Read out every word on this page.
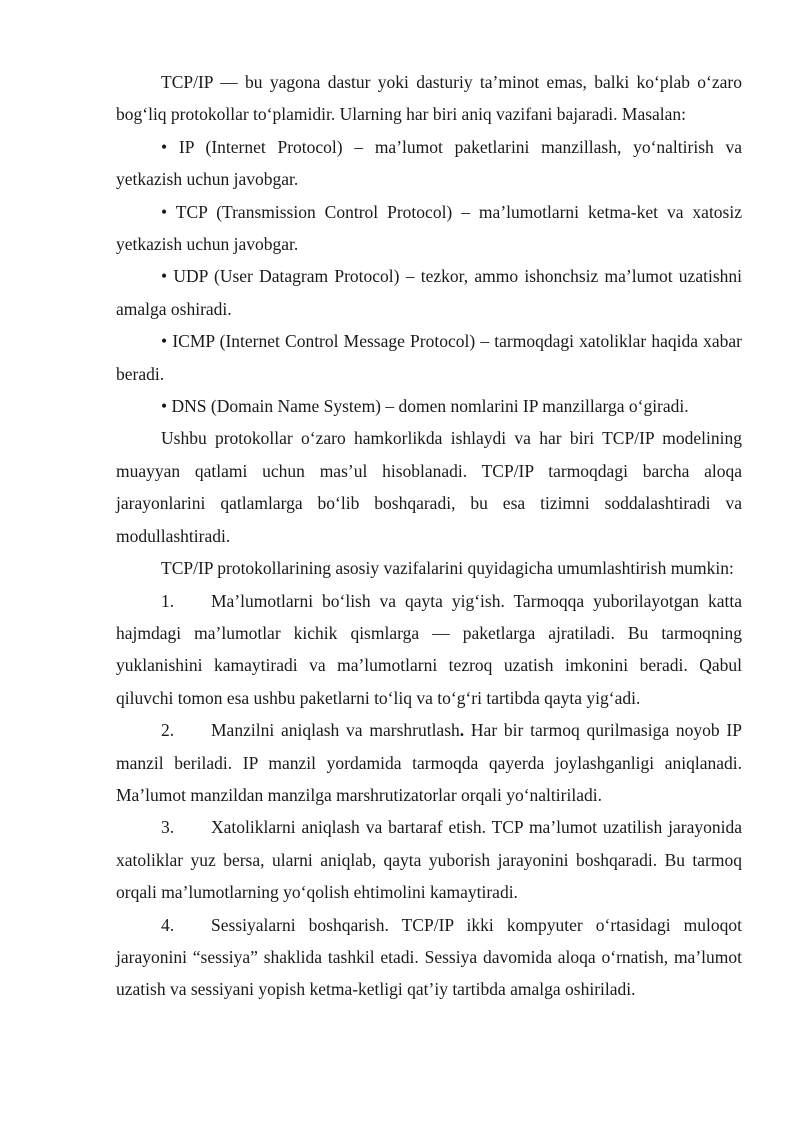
TCP/IP — bu yagona dastur yoki dasturiy ta’minot emas, balki ko‘plab o‘zaro bog‘liq protokollar to‘plamidir. Ularning har biri aniq vazifani bajaradi. Masalan:

• IP (Internet Protocol) – ma’lumot paketlarini manzillash, yo‘naltirish va yetkazish uchun javobgar.

• TCP (Transmission Control Protocol) – ma’lumotlarni ketma-ket va xatosiz yetkazish uchun javobgar.

• UDP (User Datagram Protocol) – tezkor, ammo ishonchsiz ma’lumot uzatishni amalga oshiradi.

• ICMP (Internet Control Message Protocol) – tarmoqdagi xatoliklar haqida xabar beradi.

• DNS (Domain Name System) – domen nomlarini IP manzillarga o‘giradi.

Ushbu protokollar o‘zaro hamkorlikda ishlaydi va har biri TCP/IP modelining muayyan qatlami uchun mas’ul hisoblanadi. TCP/IP tarmoqdagi barcha aloqa jarayonlarini qatlamlarga bo‘lib boshqaradi, bu esa tizimni soddalashtiradi va modullashtiradi.

TCP/IP protokollarining asosiy vazifalarini quyidagicha umumlashtirish mumkin:

1. Ma’lumotlarni bo‘lish va qayta yig‘ish. Tarmoqqa yuborilayotgan katta hajmdagi ma’lumotlar kichik qismlarga — paketlarga ajratiladi. Bu tarmoqning yuklanishini kamaytiradi va ma’lumotlarni tezroq uzatish imkonini beradi. Qabul qiluvchi tomon esa ushbu paketlarni to‘liq va to‘g‘ri tartibda qayta yig‘adi.

2. Manzilni aniqlash va marshrutlash. Har bir tarmoq qurilmasiga noyob IP manzil beriladi. IP manzil yordamida tarmoqda qayerda joylashganligi aniqlanadi. Ma’lumot manzildan manzilga marshrutizatorlar orqali yo‘naltiriladi.

3. Xatoliklarni aniqlash va bartaraf etish. TCP ma’lumot uzatilish jarayonida xatoliklar yuz bersa, ularni aniqlab, qayta yuborish jarayonini boshqaradi. Bu tarmoq orqali ma’lumotlarning yo‘qolish ehtimolini kamaytiradi.

4. Sessiyalarni boshqarish. TCP/IP ikki kompyuter o‘rtasidagi muloqot jarayonini “sessiya” shaklida tashkil etadi. Sessiya davomida aloqa o‘rnatish, ma’lumot uzatish va sessiyani yopish ketma-ketligi qat’iy tartibda amalga oshiriladi.
